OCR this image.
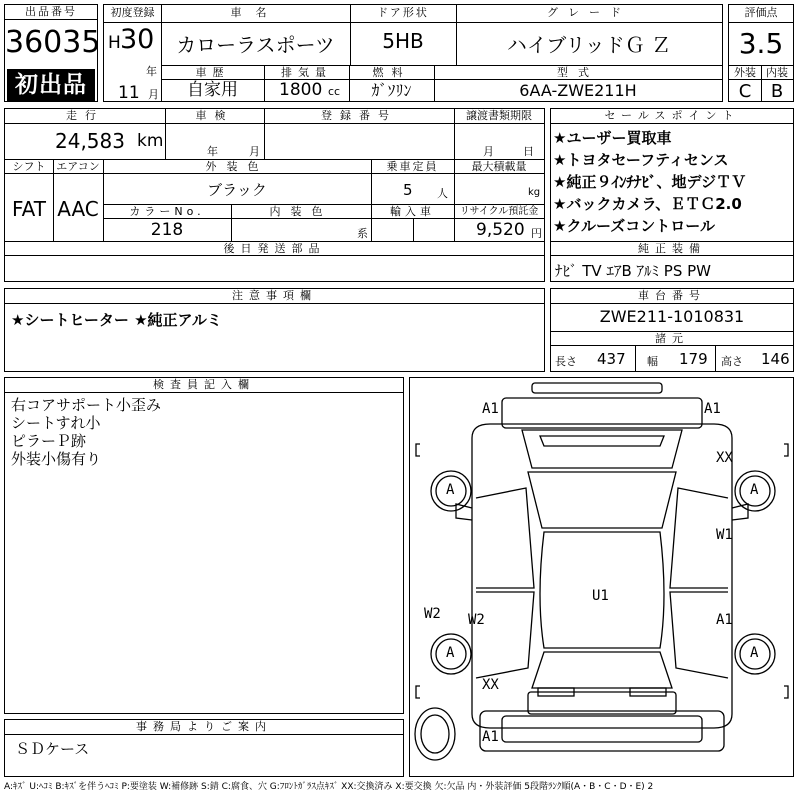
出品番号
36035
初出品
初度登録
H 30
年
11 月
車名
カローラスポーツ
ドア形状
5HB
グレード
ハイブリッドＧ Ｚ
車歴
自家用
排気量
1800 cc
燃料
ｶﾞｿﾘﾝ
型式
6AA-ZWE211H
評価点
3.5
外装 内装
C	B
走行
24,583 km
車検
年	月
登録番号	譲渡書類期限
月	日
シフト
FAT
エアコン
AAC
外装色
ブラック
乗車定員
5 人
最大積載量
kg
カラーNo.
218
内装色
系
輸入車	リサイクル預託金
9,520 円
後日発送部品
セールスポイント
★ユーザー買取車
★トヨタセーフティセンス
★純正９ｲﾝﾁﾅﾋﾞ、地デジＴＶ
★バックカメラ、ＥＴＣ2.0
★クルーズコントロール
純正装備
ﾅﾋﾞ TV ｴｱB ｱﾙﾐ PS PW
注意事項欄
★シートヒーター ★純正アルミ
車台番号
ZWE211-1010831
諸元
長さ 437 幅 179 高さ 146
検査員記入欄
右コアサポート小歪み
シートすれ小
ピラーＰ跡
外装小傷有り
事務局よりご案内
ＳＤケース
A1	A1
XX
A	A
W1
U1
W2 W2	A1
A	A
XX
A1
A:ｷｽﾞ U:ﾍｺﾐ B:ｷｽﾞを伴うﾍｺﾐ P:要塗装 W:補修跡 S:錆 C:腐食、穴 G:ﾌﾛﾝﾄｶﾞﾗｽ点ｷｽﾞ XX:交換済み X:要交換 欠:欠品 内・外装評価 5段階ﾗﾝｸ順(A・B・C・D・E) 2
